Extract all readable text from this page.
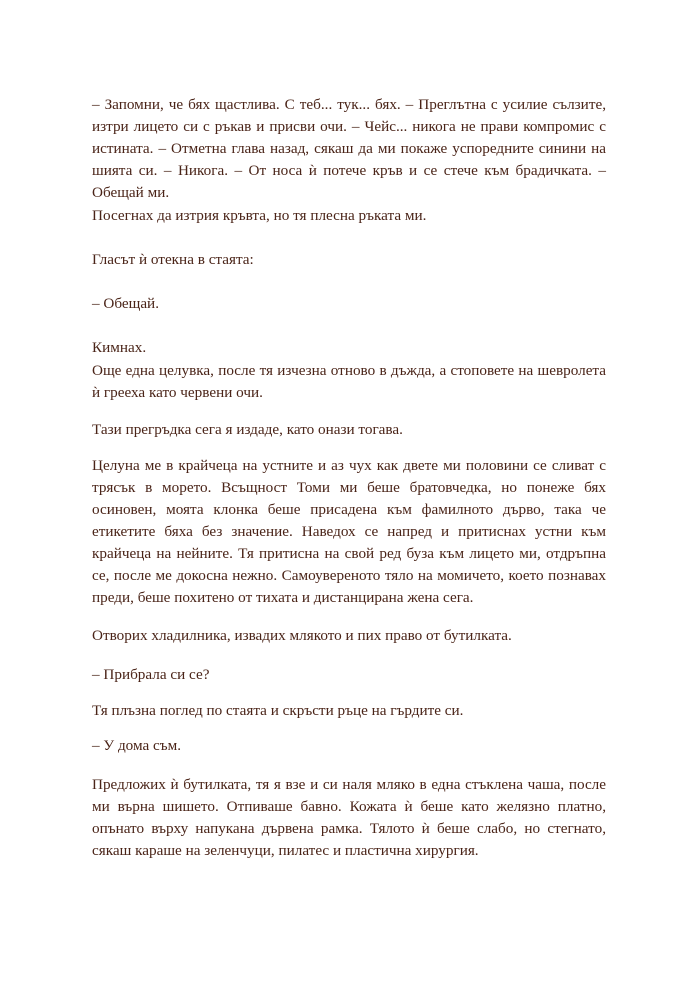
– Запомни, че бях щастлива. С теб... тук... бях. – Преглътна с усилие сълзите, изтри лицето си с ръкав и присви очи. – Чейс... никога не прави компромис с истината. – Отметна глава назад, сякаш да ми покаже успоредните синини на шията си. – Никога. – От носа ѝ потече кръв и се стече към брадичката. – Обещай ми.

Посегнах да изтрия кръвта, но тя плесна ръката ми.

Гласът ѝ отекна в стаята:

– Обещай.

Кимнах.

Още една целувка, после тя изчезна отново в дъжда, а стоповете на шевролета ѝ грееха като червени очи.

Тази прегръдка сега я издаде, като онази тогава.

Целуна ме в крайчеца на устните и аз чух как двете ми половини се сливат с трясък в морето. Всъщност Томи ми беше братовчедка, но понеже бях осиновен, моята клонка беше присадена към фамилното дърво, така че етикетите бяха без значение. Наведох се напред и притиснах устни към крайчеца на нейните. Тя притисна на свой ред буза към лицето ми, отдръпна се, после ме докосна нежно. Самоувереното тяло на момичето, което познавах преди, беше похитено от тихата и дистанцирана жена сега.

Отворих хладилника, извадих млякото и пих право от бутилката.

– Прибрала си се?

Тя плъзна поглед по стаята и скръсти ръце на гърдите си.

– У дома съм.

Предложих ѝ бутилката, тя я взе и си наля мляко в една стъклена чаша, после ми върна шишето. Отпиваше бавно. Кожата ѝ беше като желязно платно, опънато върху напукана дървена рамка. Тялото ѝ беше слабо, но стегнато, сякаш караше на зеленчуци, пилатес и пластична хирургия.
